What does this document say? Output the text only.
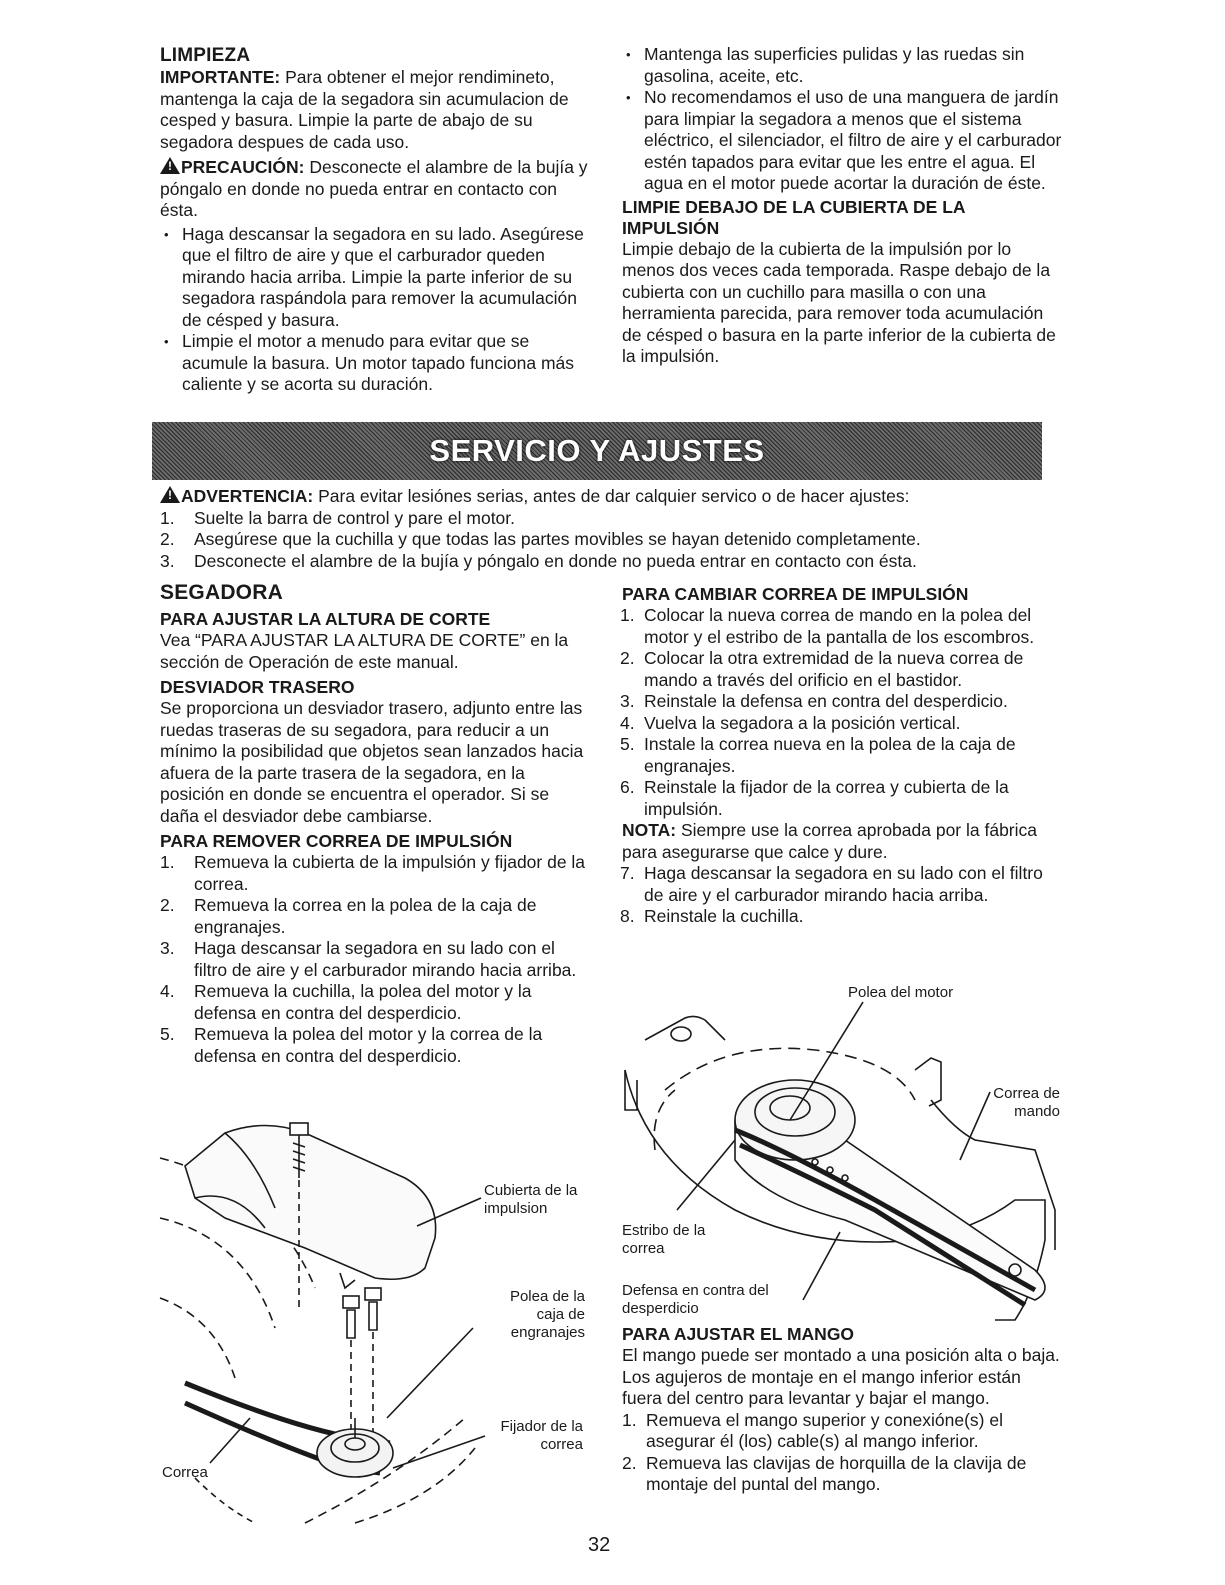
LIMPIEZA

IMPORTANTE: Para obtener el mejor rendimineto, mantenga la caja de la segadora sin acumulacion de cesped y basura. Limpie la parte de abajo de su segadora despues de cada uso.

!PRECAUCIÓN: Desconecte el alambre de la bujía y póngalo en donde no pueda entrar en contacto con ésta.

• Haga descansar la segadora en su lado. Asegúrese que el filtro de aire y que el carburador queden mirando hacia arriba. Limpie la parte inferior de su segadora raspándola para remover la acumulación de césped y basura.
• Limpie el motor a menudo para evitar que se acumule la basura. Un motor tapado funciona más caliente y se acorta su duración.
• Mantenga las superficies pulidas y las ruedas sin gasolina, aceite, etc.
• No recomendamos el uso de una manguera de jardín para limpiar la segadora a menos que el sistema eléctrico, el silenciador, el filtro de aire y el carburador estén tapados para evitar que les entre el agua. El agua en el motor puede acortar la duración de éste.
LIMPIE DEBAJO DE LA CUBIERTA DE LA IMPULSIÓN

Limpie debajo de la cubierta de la impulsión por lo menos dos veces cada temporada. Raspe debajo de la cubierta con un cuchillo para masilla o con una herramienta parecida, para remover toda acumulación de césped o basura en la parte inferior de la cubierta de la impulsión.

SERVICIO Y AJUSTES

!ADVERTENCIA: Para evitar lesiónes serias, antes de dar calquier servico o de hacer ajustes:

1. Suelte la barra de control y pare el motor.
2. Asegúrese que la cuchilla y que todas las partes movibles se hayan detenido completamente.
3. Desconecte el alambre de la bujía y póngalo en donde no pueda entrar en contacto con ésta.
SEGADORA
PARA AJUSTAR LA ALTURA DE CORTE

Vea “PARA AJUSTAR LA ALTURA DE CORTE” en la sección de Operación de este manual.

DESVIADOR TRASERO

Se proporciona un desviador trasero, adjunto entre las ruedas traseras de su segadora, para reducir a un mínimo la posibilidad que objetos sean lanzados hacia afuera de la parte trasera de la segadora, en la posición en donde se encuentra el operador. Si se daña el desviador debe cambiarse.

PARA REMOVER CORREA DE IMPULSIÓN
1. Remueva la cubierta de la impulsión y fijador de la correa.
2. Remueva la correa en la polea de la caja de engranajes.
3. Haga descansar la segadora en su lado con el filtro de aire y el carburador mirando hacia arriba.
4. Remueva la cuchilla, la polea del motor y la defensa en contra del desperdicio.
5. Remueva la polea del motor y la correa de la defensa en contra del desperdicio.
Cubierta de la impulsion
Polea de la caja de engranajes
Fijador de la correa
Correa
PARA CAMBIAR CORREA DE IMPULSIÓN
1. Colocar la nueva correa de mando en la polea del motor y el estribo de la pantalla de los escombros.
2. Colocar la otra extremidad de la nueva correa de mando a través del orificio en el bastidor.
3. Reinstale la defensa en contra del desperdicio.
4. Vuelva la segadora a la posición vertical.
5. Instale la correa nueva en la polea de la caja de engranajes.
6. Reinstale la fijador de la correa y cubierta de la impulsión.

NOTA: Siempre use la correa aprobada por la fábrica para asegurarse que calce y dure.

7. Haga descansar la segadora en su lado con el filtro de aire y el carburador mirando hacia arriba.
8. Reinstale la cuchilla.
Polea del motor
Correa de mando
Estribo de la correa
Defensa en contra del desperdicio
PARA AJUSTAR EL MANGO

El mango puede ser montado a una posición alta o baja. Los agujeros de montaje en el mango inferior están fuera del centro para levantar y bajar el mango.

1. Remueva el mango superior y conexióne(s) el asegurar él (los) cable(s) al mango inferior.
2. Remueva las clavijas de horquilla de la clavija de montaje del puntal del mango.
32
